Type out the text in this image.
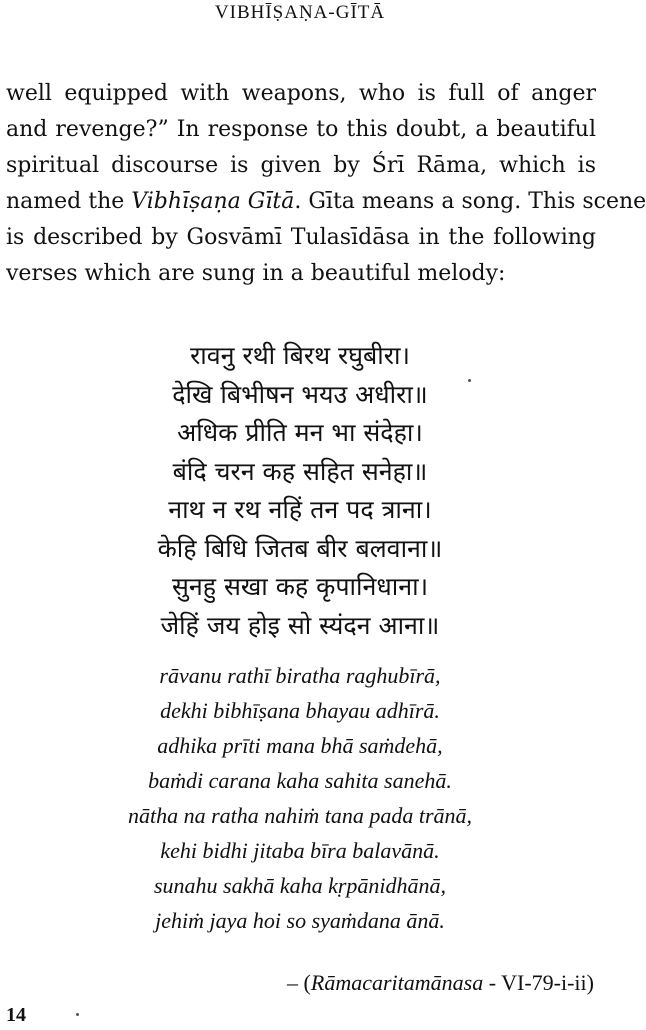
VIBHĪṢAṆA-GĪTĀ
well equipped with weapons, who is full of anger
and revenge?” In response to this doubt, a beautiful
spiritual discourse is given by Śrī Rāma, which is
named the Vibhīṣaṇa Gītā. Gīta means a song. This scene
is described by Gosvāmī Tulasīdāsa in the following
verses which are sung in a beautiful melody:
रावनु रथी बिरथ रघुबीरा।
देखि बिभीषन भयउ अधीरा॥
अधिक प्रीति मन भा संदेहा।
बंदि चरन कह सहित सनेहा॥
नाथ न रथ नहिं तन पद त्राना।
केहि बिधि जितब बीर बलवाना॥
सुनहु सखा कह कृपानिधाना।
जेहिं जय होइ सो स्यंदन आना॥
rāvanu rathī biratha raghubīrā,
dekhi bibhīṣana bhayau adhīrā.
adhika prīti mana bhā saṁdehā,
baṁdi carana kaha sahita sanehā.
nātha na ratha nahiṁ tana pada trānā,
kehi bidhi jitaba bīra balavānā.
sunahu sakhā kaha kṛpānidhānā,
jehiṁ jaya hoi so syaṁdana ānā.
– (Rāmacaritamānasa - VI-79-i-ii)
14
